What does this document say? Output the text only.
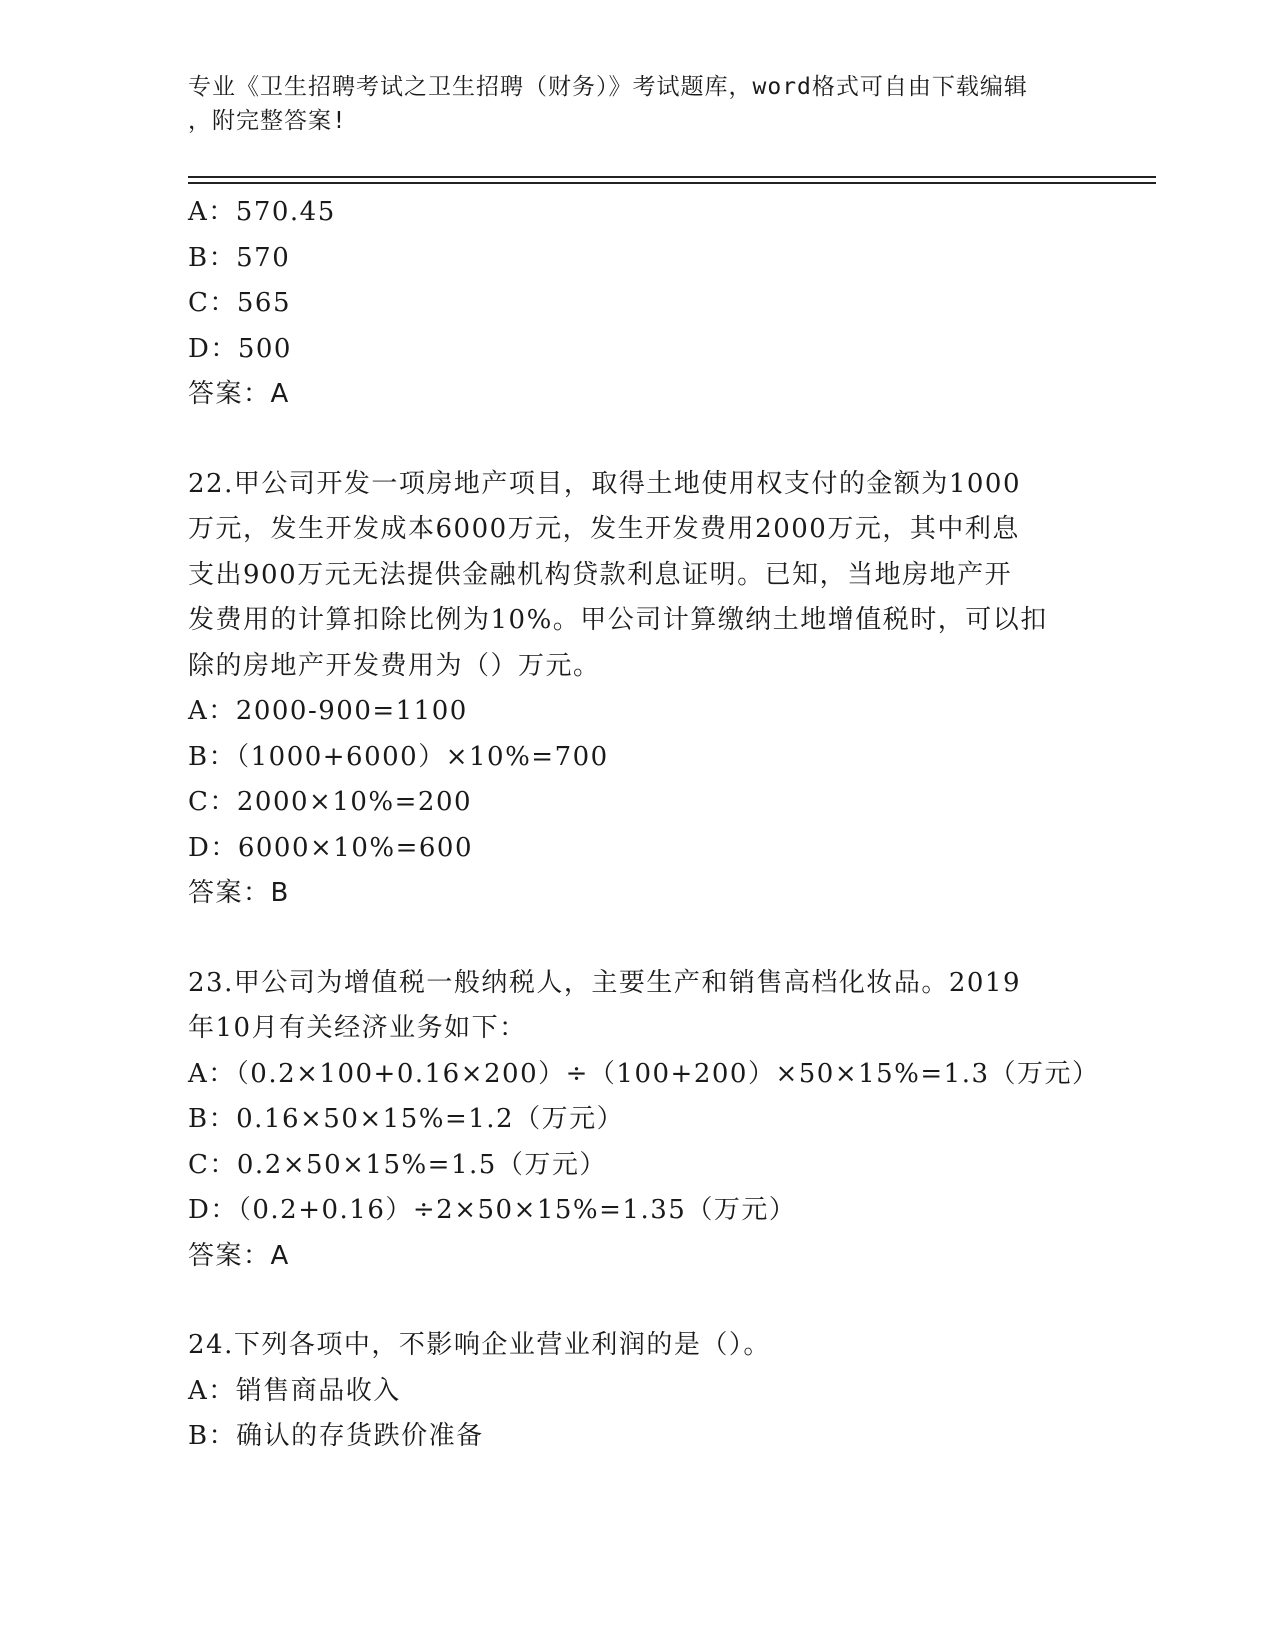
专业《卫生招聘考试之卫生招聘（财务）》考试题库，word格式可自由下载编辑
，附完整答案!
A：570.45
B：570
C：565
D：500
答案：A
22.甲公司开发一项房地产项目，取得土地使用权支付的金额为1000
万元，发生开发成本6000万元，发生开发费用2000万元，其中利息
支出900万元无法提供金融机构贷款利息证明。已知，当地房地产开
发费用的计算扣除比例为10%。甲公司计算缴纳土地增值税时，可以扣
除的房地产开发费用为（）万元。
A：2000-900=1100
B：（1000+6000）×10%=700
C：2000×10%=200
D：6000×10%=600
答案：B
23.甲公司为增值税一般纳税人，主要生产和销售高档化妆品。2019
年10月有关经济业务如下：
A：（0.2×100+0.16×200）÷（100+200）×50×15%=1.3（万元）
B：0.16×50×15%=1.2（万元）
C：0.2×50×15%=1.5（万元）
D：（0.2+0.16）÷2×50×15%=1.35（万元）
答案：A
24.下列各项中，不影响企业营业利润的是（）。
A：销售商品收入
B：确认的存货跌价准备
